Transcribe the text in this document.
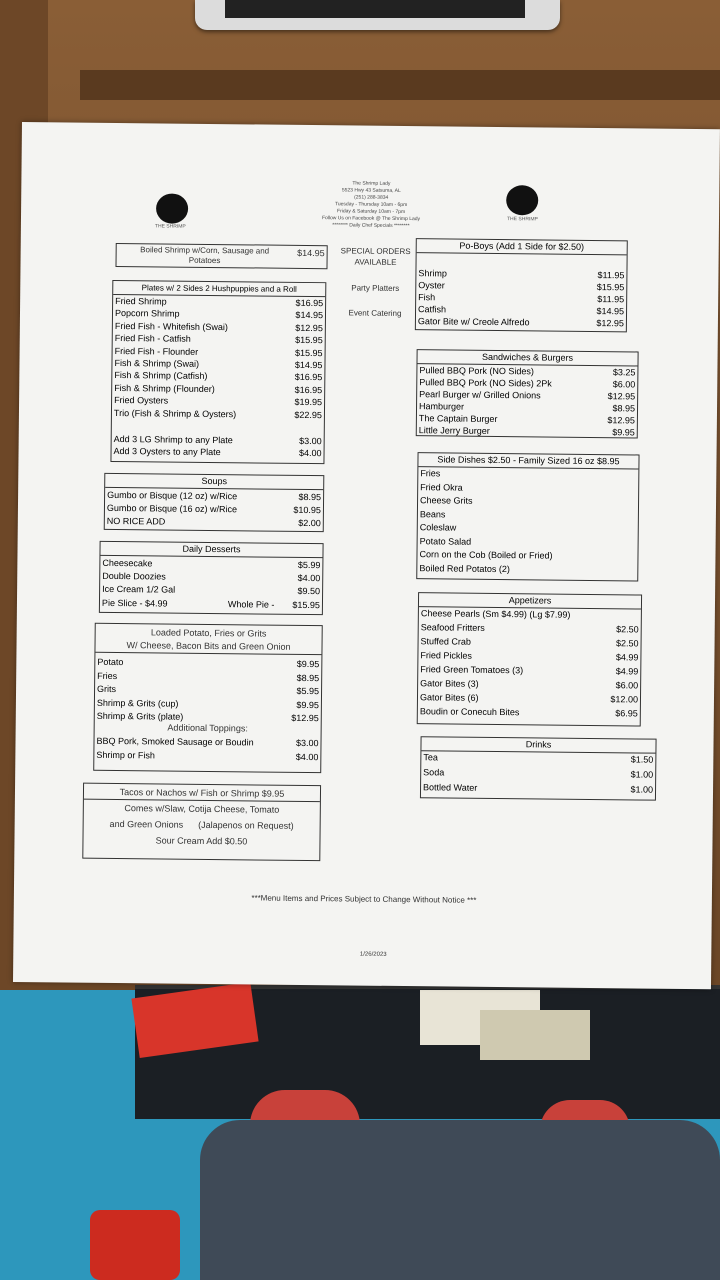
THE SHRIMP
THE SHRIMP
The Shrimp Lady
5523 Hwy 43 Satsuma, AL
(251) 288-3834
Tuesday - Thursday 10am - 6pm
Friday & Saturday 10am - 7pm
Follow Us on Facebook @ The Shrimp Lady
******** Daily Chef Specials ********
Boiled Shrimp w/Corn, Sausage and Potatoes
$14.95	SPECIAL ORDERS AVAILABLE
Party Platters
Event Catering
Plates w/ 2 Sides 2 Hushpuppies and a Roll
Add 3 LG Shrimp to any Plate	$3.00
Add 3 Oysters to any Plate	$4.00
Fried Shrimp	$16.95
Popcorn Shrimp	$14.95
Fried Fish - Whitefish (Swai)	$12.95
Fried Fish - Catfish	$15.95
Fried Fish - Flounder	$15.95
Fish & Shrimp (Swai)	$14.95
Fish & Shrimp (Catfish)	$16.95
Fish & Shrimp (Flounder)	$16.95
Fried Oysters	$19.95
Trio (Fish & Shrimp & Oysters)	$22.95
Soups
Gumbo or Bisque (12 oz) w/Rice	$8.95
Gumbo or Bisque (16 oz) w/Rice	$10.95
NO RICE ADD	$2.00
Daily Desserts
Pie Slice - $4.99	Whole Pie - $15.95
Cheesecake	$5.99
Double Doozies	$4.00
Ice Cream 1/2 Gal	$9.50
Loaded Potato, Fries or Grits
W/ Cheese, Bacon Bits and Green Onion
Additional Toppings:
BBQ Pork, Smoked Sausage or Boudin	$3.00
Shrimp or Fish	$4.00
Potato	$9.95
Fries	$8.95
Grits	$5.95
Shrimp & Grits (cup)	$9.95
Shrimp & Grits (plate)	$12.95
Tacos or Nachos w/ Fish or Shrimp $9.95
Comes w/Slaw, Cotija Cheese, Tomato
and Green Onions      (Jalapenos on Request)
Sour Cream Add $0.50
Po-Boys (Add 1 Side for $2.50)
Shrimp	$11.95
Oyster	$15.95
Fish	$11.95
Catfish	$14.95
Gator Bite w/ Creole Alfredo	$12.95
Sandwiches & Burgers
Pulled BBQ Pork (NO Sides)	$3.25
Pulled BBQ Pork (NO Sides) 2Pk	$6.00
Pearl Burger w/ Grilled Onions	$12.95
Hamburger	$8.95
The Captain Burger	$12.95
Little Jerry Burger	$9.95
Side Dishes $2.50 - Family Sized 16 oz $8.95
Fries
Fried Okra
Cheese Grits
Beans
Coleslaw
Potato Salad
Corn on the Cob (Boiled or Fried)
Boiled Red Potatos (2)
Appetizers
Cheese Pearls (Sm $4.99) (Lg $7.99)
Seafood Fritters	$2.50
Stuffed Crab	$2.50
Fried Pickles	$4.99
Fried Green Tomatoes (3)	$4.99
Gator Bites (3)	$6.00
Gator Bites (6)	$12.00
Boudin or Conecuh Bites	$6.95
Drinks
Tea	$1.50
Soda	$1.00
Bottled Water	$1.00
***Menu Items and Prices Subject to Change Without Notice ***
1/26/2023
